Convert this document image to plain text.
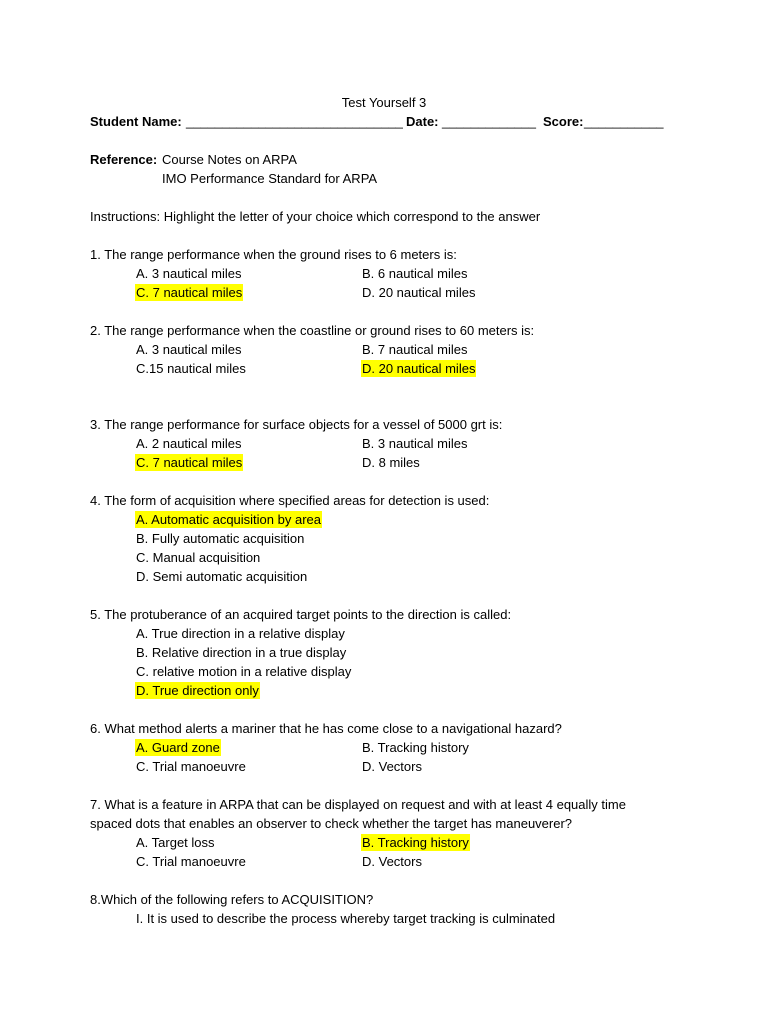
Test Yourself 3
Student Name: ______________________________ Date: _____________ Score: ___________
Reference: Course Notes on ARPA
IMO Performance Standard for ARPA
Instructions: Highlight the letter of your choice which correspond to the answer
1. The range performance when the ground rises to 6 meters is:
A. 3 nautical miles	B. 6 nautical miles
C. 7 nautical miles	D. 20 nautical miles
2. The range performance when the coastline or ground rises to 60 meters is:
A. 3 nautical miles	B. 7 nautical miles
C.15 nautical miles	D. 20 nautical miles
3. The range performance for surface objects for a vessel of 5000 grt is:
A. 2 nautical miles	B. 3 nautical miles
C. 7 nautical miles	D. 8 miles
4. The form of acquisition where specified areas for detection is used:
A. Automatic acquisition by area
B. Fully automatic acquisition
C. Manual acquisition
D. Semi automatic acquisition
5. The protuberance of an acquired target points to the direction is called:
A. True direction in a relative display
B. Relative direction in a true display
C. relative motion in a relative display
D. True direction only
6. What method alerts a mariner that he has come close to a navigational hazard?
A. Guard zone	B. Tracking history
C. Trial manoeuvre	D. Vectors
7. What is a feature in ARPA that can be displayed on request and with at least 4 equally time
spaced dots that enables an observer to check whether the target has maneuverer?
A. Target loss	B. Tracking history
C. Trial manoeuvre	D. Vectors
8.Which of the following refers to ACQUISITION?
I. It is used to describe the process whereby target tracking is culminated
